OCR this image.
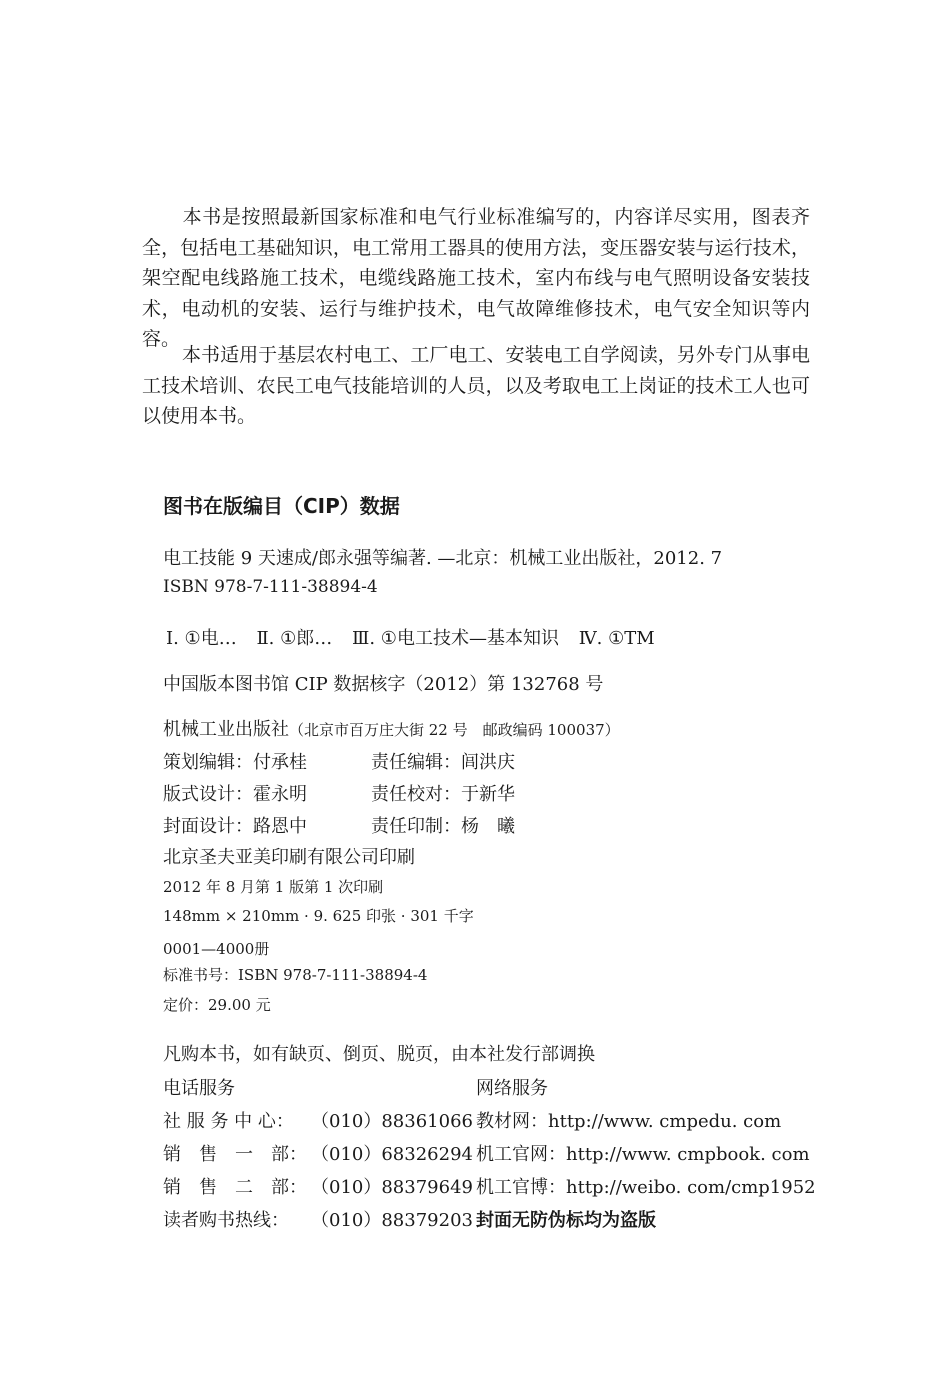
本书是按照最新国家标准和电气行业标准编写的，内容详尽实用，图表齐全，包括电工基础知识，电工常用工器具的使用方法，变压器安装与运行技术，架空配电线路施工技术，电缆线路施工技术，室内布线与电气照明设备安装技术，电动机的安装、运行与维护技术，电气故障维修技术，电气安全知识等内容。

本书适用于基层农村电工、工厂电工、安装电工自学阅读，另外专门从事电工技术培训、农民工电气技能培训的人员，以及考取电工上岗证的技术工人也可以使用本书。

图书在版编目（CIP）数据
电工技能 9 天速成/郎永强等编著. —北京：机械工业出版社，2012. 7
ISBN 978-7-111-38894-4
Ⅰ. ①电… Ⅱ. ①郎… Ⅲ. ①电工技术—基本知识 Ⅳ. ①TM
中国版本图书馆 CIP 数据核字（2012）第 132768 号
机械工业出版社（北京市百万庄大街 22 号　邮政编码 100037）
策划编辑：付承桂	责任编辑：闾洪庆
版式设计：霍永明	责任校对：于新华
封面设计：路恩中	责任印制：杨　曦
北京圣夫亚美印刷有限公司印刷
2012 年 8 月第 1 版第 1 次印刷
148mm × 210mm · 9. 625 印张 · 301 千字
0001—4000册
标准书号：ISBN 978-7-111-38894-4
定价：29.00 元
凡购本书，如有缺页、倒页、脱页，由本社发行部调换
电话服务	网络服务
社 服 务 中 心： （010）88361066 教材网：http://www. cmpedu. com
销　售　一　部： （010）68326294 机工官网：http://www. cmpbook. com
销　售　二　部： （010）88379649 机工官博：http://weibo. com/cmp1952
读者购书热线： （010）88379203 封面无防伪标均为盗版
